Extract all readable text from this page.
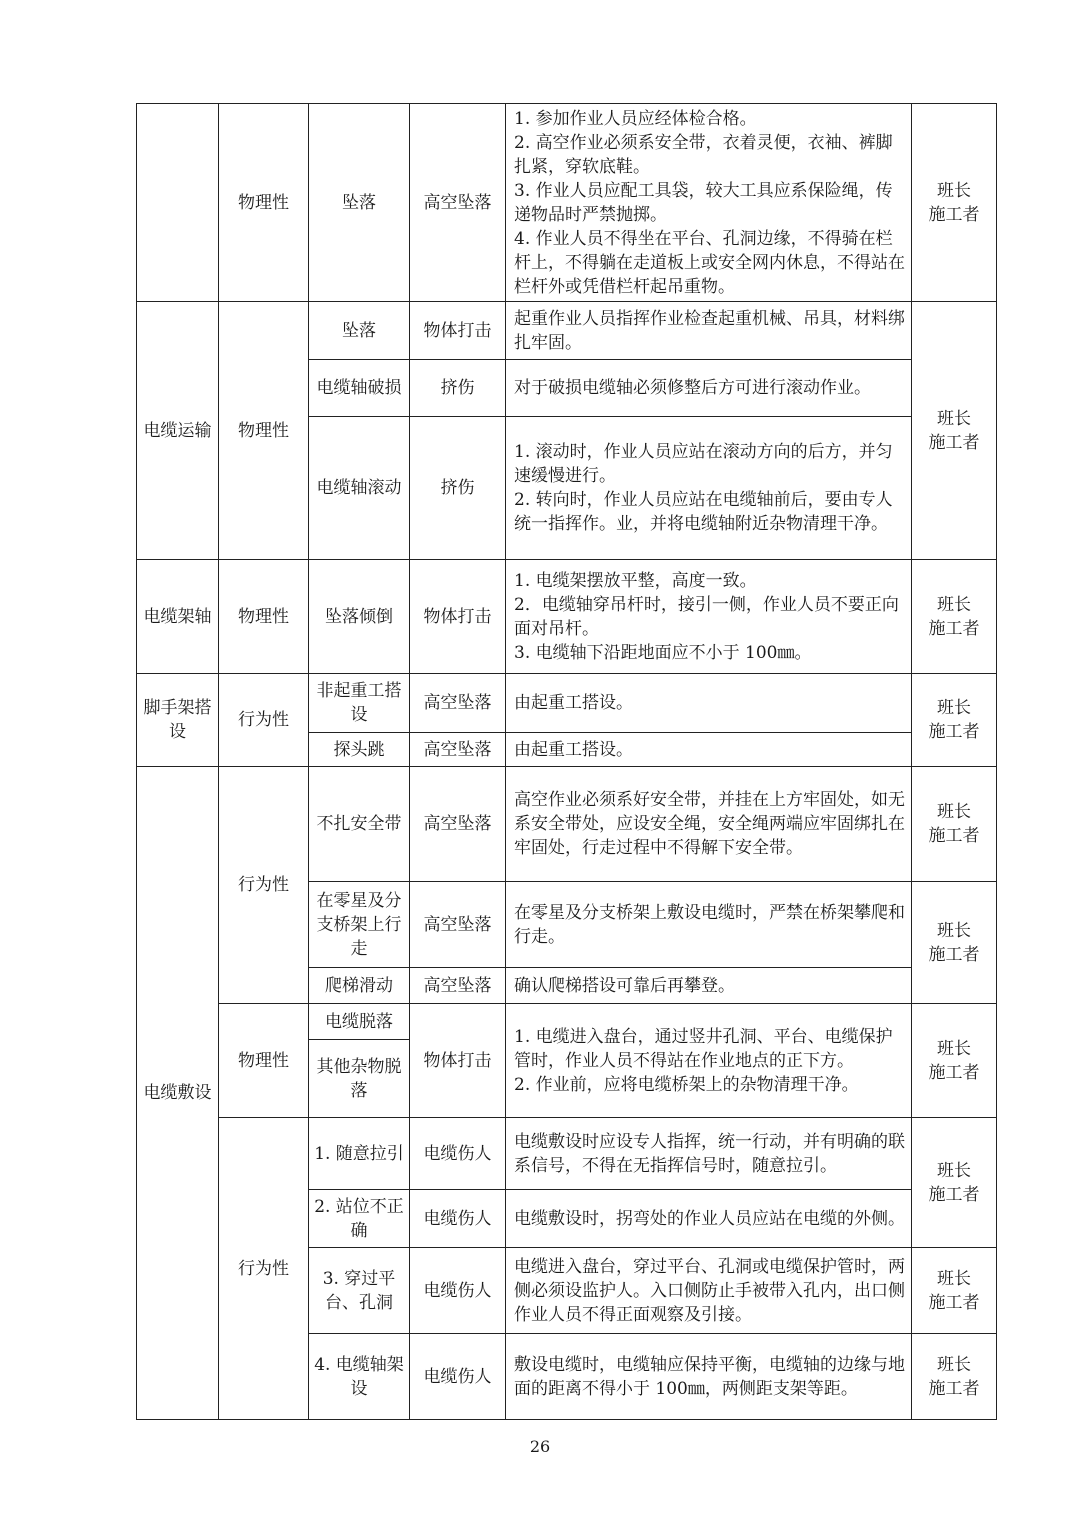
	物理性	坠落	高空坠落	1. 参加作业人员应经体检合格。
2. 高空作业必须系安全带，衣着灵便，衣袖、裤脚扎紧，穿软底鞋。
3. 作业人员应配工具袋，较大工具应系保险绳，传递物品时严禁抛掷。
4. 作业人员不得坐在平台、孔洞边缘，不得骑在栏杆上，不得躺在走道板上或安全网内休息，不得站在栏杆外或凭借栏杆起吊重物。	班长
施工者

电缆运输	物理性	坠落	物体打击	起重作业人员指挥作业检查起重机械、吊具，材料绑扎牢固。	班长
施工者

		电缆轴破损	挤伤	对于破损电缆轴必须修整后方可进行滚动作业。	

		电缆轴滚动	挤伤	1. 滚动时，作业人员应站在滚动方向的后方，并匀速缓慢进行。
2. 转向时，作业人员应站在电缆轴前后，要由专人统一指挥作。业，并将电缆轴附近杂物清理干净。	

电缆架轴	物理性	坠落倾倒	物体打击	1. 电缆架摆放平整，高度一致。
2．电缆轴穿吊杆时，接引一侧，作业人员不要正向面对吊杆。
3. 电缆轴下沿距地面应不小于 100㎜。	班长
施工者

脚手架搭设	行为性	非起重工搭设	高空坠落	由起重工搭设。	班长
施工者

		探头跳	高空坠落	由起重工搭设。	

电缆敷设	行为性	不扎安全带	高空坠落	高空作业必须系好安全带，并挂在上方牢固处，如无系安全带处，应设安全绳，安全绳两端应牢固绑扎在牢固处，行走过程中不得解下安全带。	班长
施工者

		在零星及分支桥架上行走	高空坠落	在零星及分支桥架上敷设电缆时，严禁在桥架攀爬和行走。	班长
施工者

		爬梯滑动	高空坠落	确认爬梯搭设可靠后再攀登。	

	物理性	电缆脱落	物体打击	1. 电缆进入盘台，通过竖井孔洞、平台、电缆保护管时，作业人员不得站在作业地点的正下方。
2. 作业前，应将电缆桥架上的杂物清理干净。	班长
施工者

		其他杂物脱落			
	行为性	1. 随意拉引	电缆伤人	电缆敷设时应设专人指挥，统一行动，并有明确的联系信号，不得在无指挥信号时，随意拉引。	班长
施工者

		2. 站位不正确	电缆伤人	电缆敷设时，拐弯处的作业人员应站在电缆的外侧。	

		3. 穿过平台、孔洞	电缆伤人	电缆进入盘台，穿过平台、孔洞或电缆保护管时，两侧必须设监护人。入口侧防止手被带入孔内，出口侧作业人员不得正面观察及引接。	班长
施工者

		4. 电缆轴架设	电缆伤人	敷设电缆时，电缆轴应保持平衡，电缆轴的边缘与地面的距离不得小于 100㎜，两侧距支架等距。	班长
施工者
26
